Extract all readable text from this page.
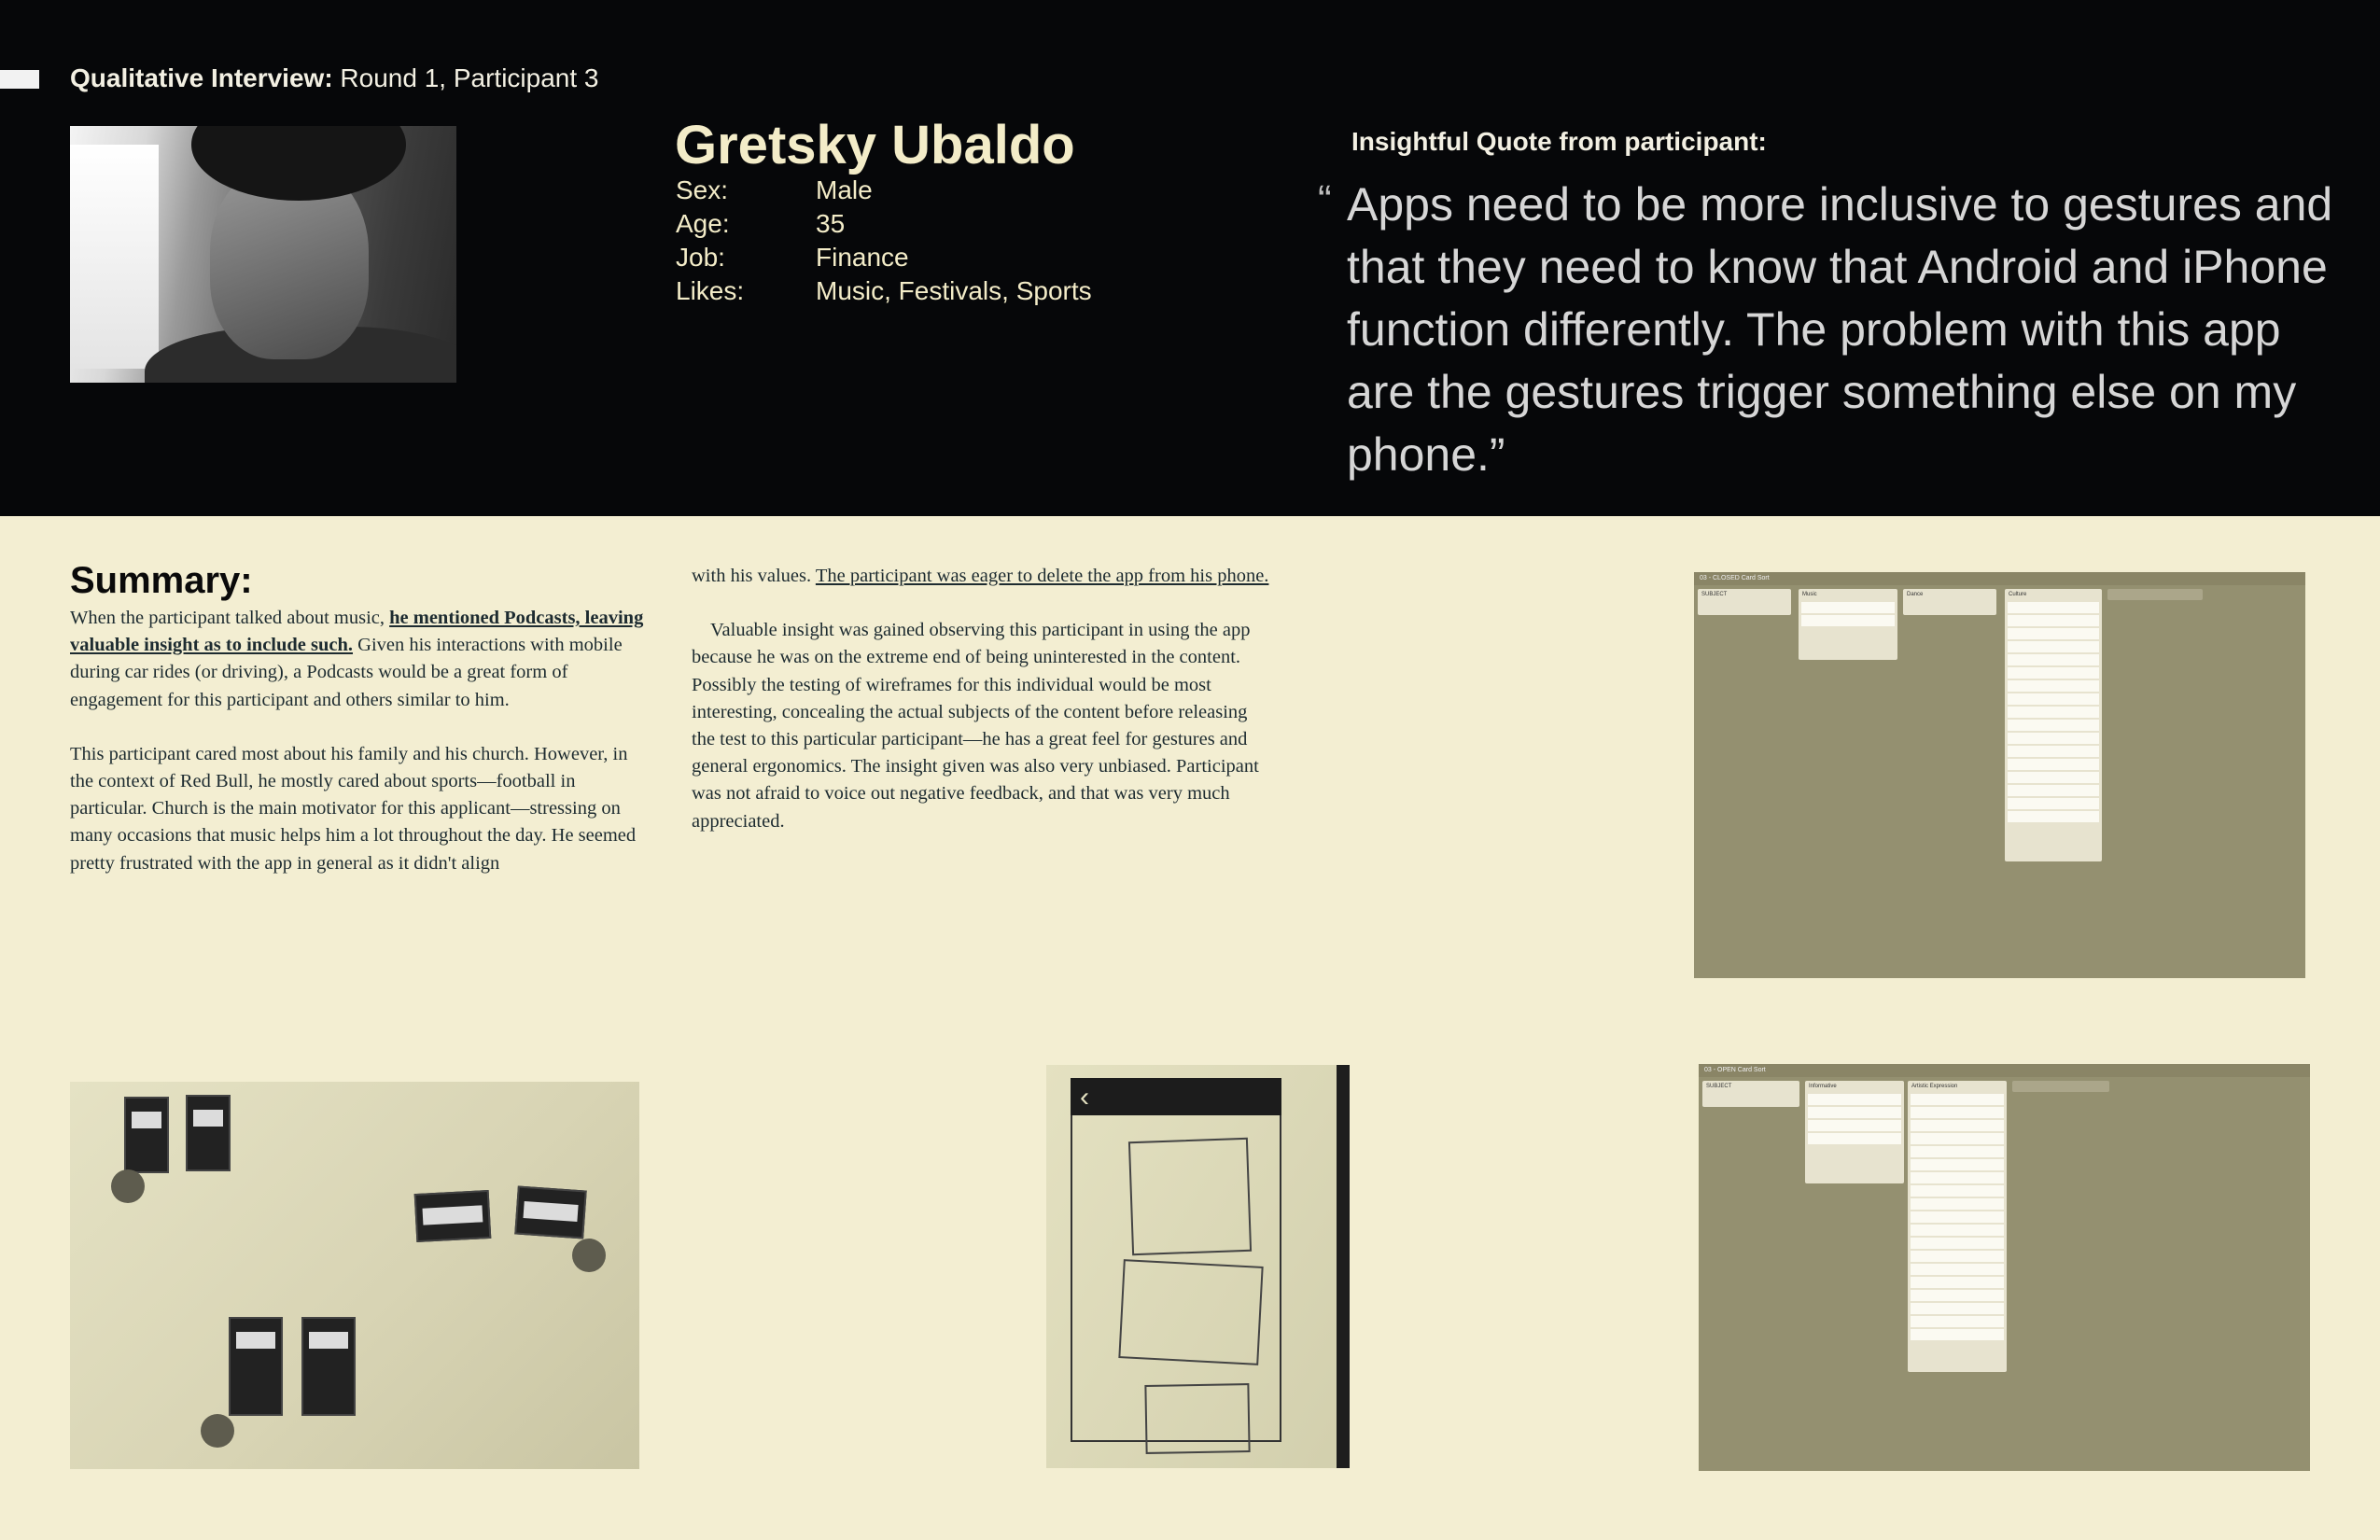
Qualitative Interview: Round 1, Participant 3
Gretsky Ubaldo
Sex:	Male
Age:	35
Job:	Finance
Likes:	Music, Festivals, Sports
Insightful Quote from participant:
“ Apps need to be more inclusive to gestures and that they need to know that Android and iPhone function differently. The problem with this app are the gestures trigger something else on my phone.”
Summary:

When the participant talked about music, he mentioned Podcasts, leaving valuable insight as to include such. Given his interactions with mobile during car rides (or driving), a Podcasts would be a great form of engagement for this participant and others similar to him.

This participant cared most about his family and his church. However, in the context of Red Bull, he mostly cared about sports—football in particular. Church is the main motivator for this applicant—stressing on many occasions that music helps him a lot throughout the day. He seemed pretty frustrated with the app in general as it didn't align

with his values. The participant was eager to delete the app from his phone.

Valuable insight was gained observing this participant in using the app because he was on the extreme end of being uninterested in the content. Possibly the testing of wireframes for this individual would be most interesting, concealing the actual subjects of the content before releasing the test to this particular participant—he has a great feel for gestures and general ergonomics. The insight given was also very unbiased. Participant was not afraid to voice out negative feedback, and that was very much appreciated.

03 - CLOSED Card Sort
SUBJECT	Music	Dance	Culture
03 - OPEN Card Sort
SUBJECT	Informative	Artistic Expression
‹
